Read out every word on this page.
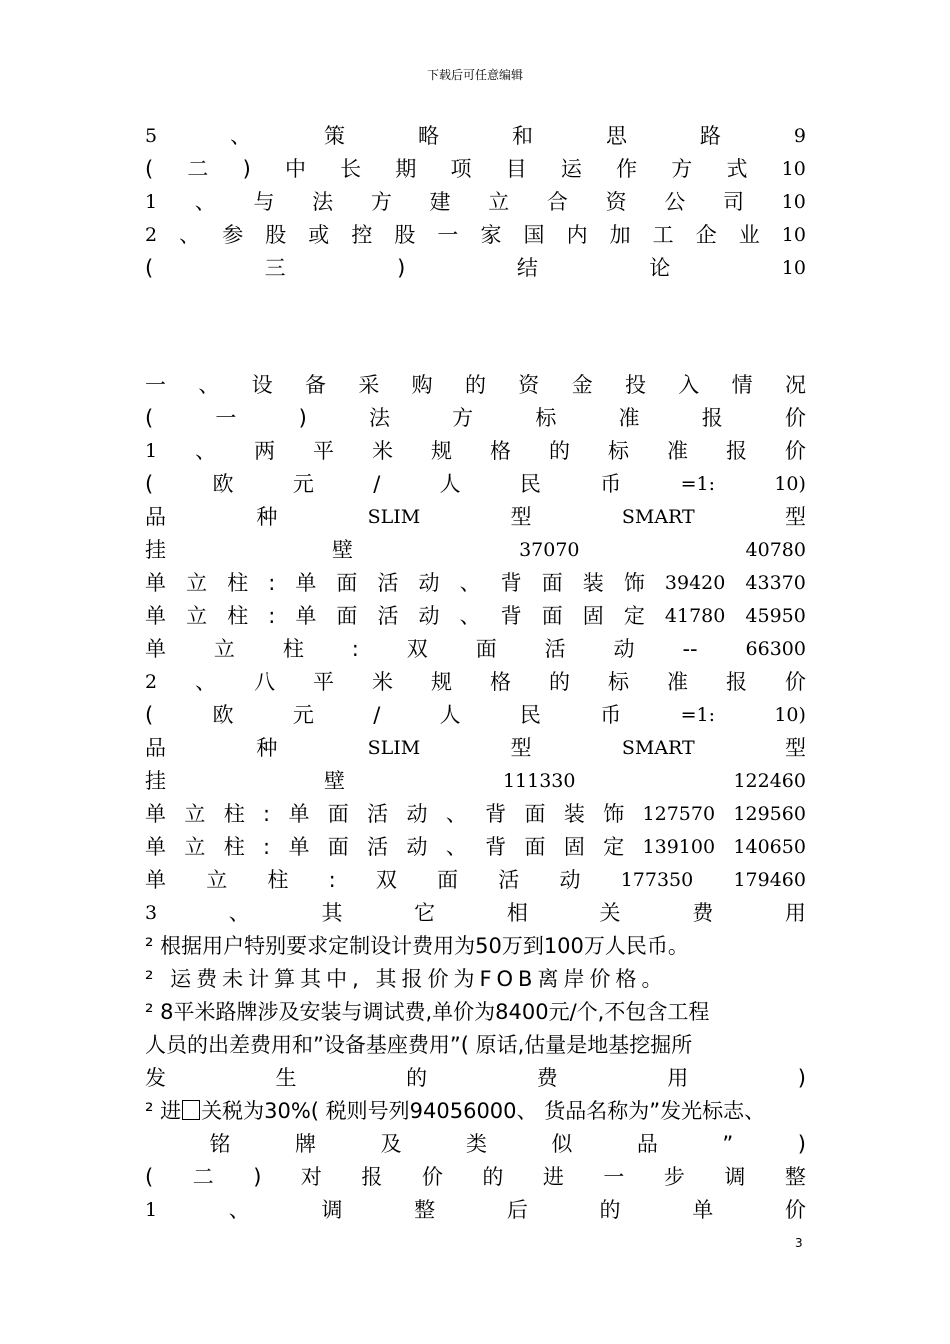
下载后可任意编辑
5	、	策	略	和	思	路	9
( 二 ) 中 长 期 项 目 运 作 方 式 10
1 、 与 法 方 建 立 合 资 公 司 10
2 、 参 股 或 控 股 一 家 国 内 加 工 企 业 10
(	三	)	结	论	10
一 、 设 备 采 购 的 资 金 投 入 情 况
(	一	)	法	方	标	准	报	价
1 、 两 平 米 规 格 的 标 准 报 价
(	欧	元	/	人	民	币	=1:	10)
品	种	SLIM	型	SMART	型
挂	壁	37070	40780
单 立 柱 : 单 面 活 动 、 背 面 装 饰 39420 43370
单 立 柱 : 单 面 活 动 、 背 面 固 定 41780 45950
单 立 柱 : 双 面 活 动 --	66300
2 、 八 平 米 规 格 的 标 准 报 价
(	欧	元	/	人	民	币	=1:	10)
品	种	SLIM	型	SMART	型
挂	壁	111330	122460
单 立 柱 : 单 面 活 动 、 背 面 装 饰 127570 129560
单 立 柱 : 单 面 活 动 、 背 面 固 定 139100 140650
单 立 柱 : 双 面 活 动 177350 179460
3	、	其	它	相	关	费	用
² 根据用户特别要求定制设计费用为50万到100万人民币。
² 运费未计算其中, 其报价为FOB离岸价格。
² 8平米路牌涉及安装与调试费,单价为8400元/个,不包含工程
人员的出差费用和”设备基座费用”( 原话,估量是地基挖掘所
发	生	的	费	用	)
² 进 关税为30%( 税则号列94056000、 货品名称为”发光标志、
铭	牌	及	类	似	品	”	)
( 二 ) 对 报 价 的 进 一 步 调 整
1	、	调	整	后	的	单	价
3
